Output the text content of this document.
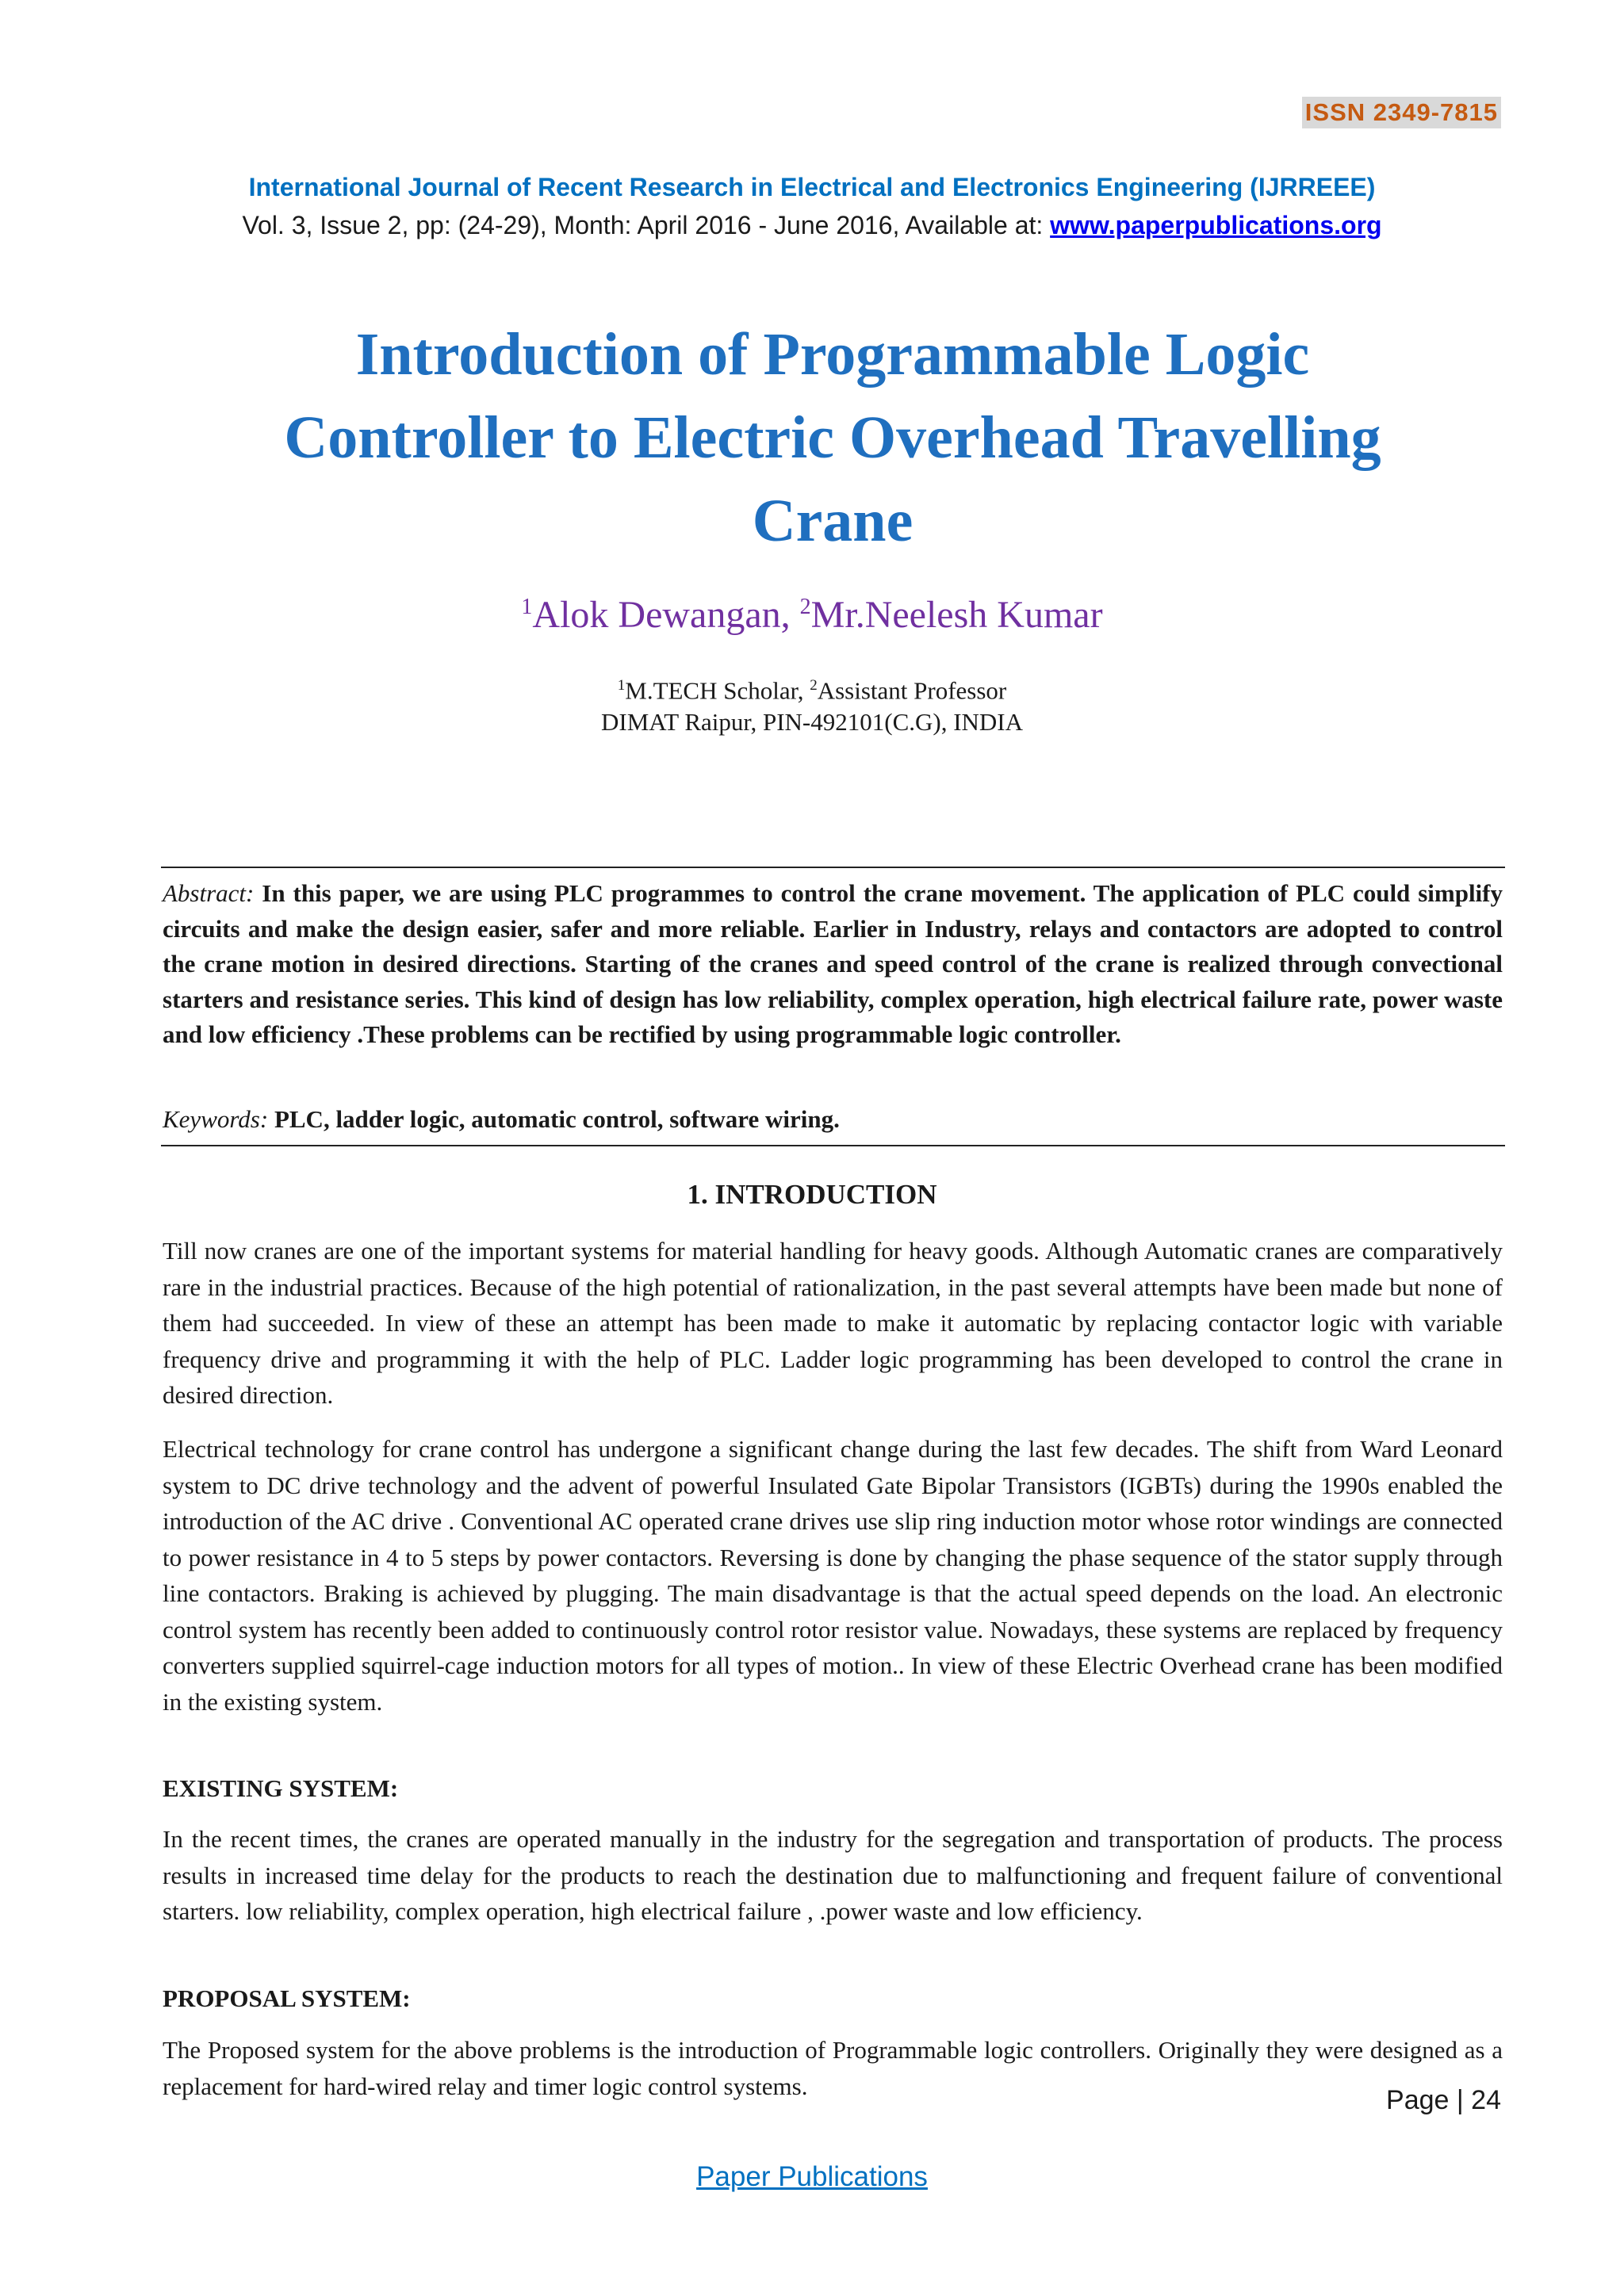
ISSN 2349-7815
International Journal of Recent Research in Electrical and Electronics Engineering (IJRREEE)
Vol. 3, Issue 2, pp: (24-29), Month: April 2016 - June 2016, Available at: www.paperpublications.org
Introduction of Programmable Logic
Controller to Electric Overhead Travelling
Crane
$^1$Alok Dewangan, $^2$Mr.Neelesh Kumar
$^1$M.TECH Scholar, $^2$Assistant Professor
DIMAT Raipur, PIN-492101(C.G), INDIA

Abstract: In this paper, we are using PLC programmes to control the crane movement. The application of PLC could simplify circuits and make the design easier, safer and more reliable. Earlier in Industry, relays and contactors are adopted to control the crane motion in desired directions. Starting of the cranes and speed control of the crane is realized through convectional starters and resistance series. This kind of design has low reliability, complex operation, high electrical failure rate, power waste and low efficiency .These problems can be rectified by using programmable logic controller.

Keywords: PLC, ladder logic, automatic control, software wiring.

1. INTRODUCTION

Till now cranes are one of the important systems for material handling for heavy goods. Although Automatic cranes are comparatively rare in the industrial practices. Because of the high potential of rationalization, in the past several attempts have been made but none of them had succeeded. In view of these an attempt has been made to make it automatic by replacing contactor logic with variable frequency drive and programming it with the help of PLC. Ladder logic programming has been developed to control the crane in desired direction.

Electrical technology for crane control has undergone a significant change during the last few decades. The shift from Ward Leonard system to DC drive technology and the advent of powerful Insulated Gate Bipolar Transistors (IGBTs) during the 1990s enabled the introduction of the AC drive . Conventional AC operated crane drives use slip ring induction motor whose rotor windings are connected to power resistance in 4 to 5 steps by power contactors. Reversing is done by changing the phase sequence of the stator supply through line contactors. Braking is achieved by plugging. The main disadvantage is that the actual speed depends on the load. An electronic control system has recently been added to continuously control rotor resistor value. Nowadays, these systems are replaced by frequency converters supplied squirrel-cage induction motors for all types of motion.. In view of these Electric Overhead crane has been modified in the existing system.

EXISTING SYSTEM:

In the recent times, the cranes are operated manually in the industry for the segregation and transportation of products. The process results in increased time delay for the products to reach the destination due to malfunctioning and frequent failure of conventional starters. low reliability, complex operation, high electrical failure , .power waste and low efficiency.

PROPOSAL SYSTEM:

The Proposed system for the above problems is the introduction of Programmable logic controllers. Originally they were designed as a replacement for hard-wired relay and timer logic control systems.	Page | 24
Paper Publications
